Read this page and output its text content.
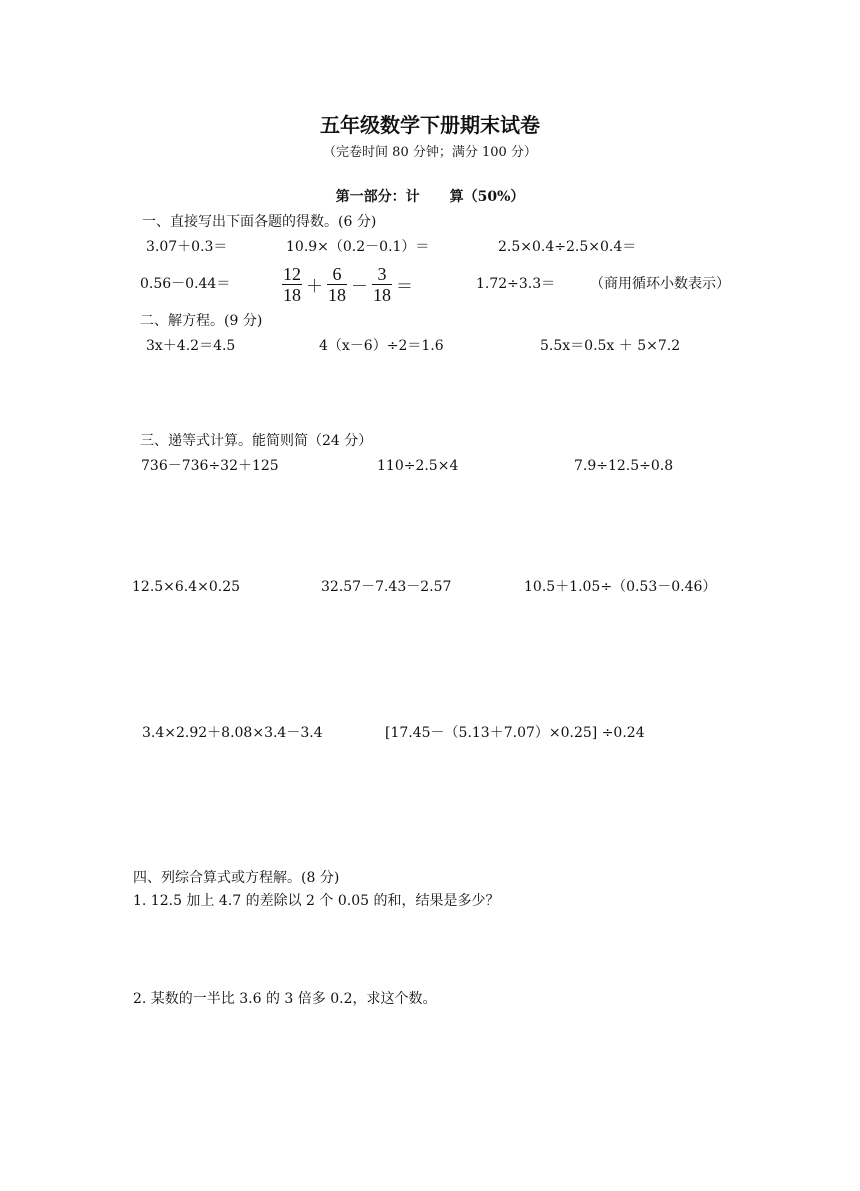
五年级数学下册期末试卷
（完卷时间 80 分钟；满分 100 分）
第一部分：计 算（50%）
一、直接写出下面各题的得数。(6 分)
3.07＋0.3＝	10.9×（0.2－0.1）＝	2.5×0.4÷2.5×0.4＝
0.56－0.44＝	$\frac{12}{18} + \frac{6}{18} - \frac{3}{18}$ ＝	1.72÷3.3＝ （商用循环小数表示）
二、解方程。(9 分)
3x＋4.2＝4.5	4（x－6）÷2＝1.6	5.5x＝0.5x ＋ 5×7.2
三、递等式计算。能简则简（24 分）
736－736÷32＋125	110÷2.5×4	7.9÷12.5÷0.8
12.5×6.4×0.25	32.57－7.43－2.57	10.5＋1.05÷（0.53－0.46）
3.4×2.92＋8.08×3.4－3.4	[17.45－（5.13＋7.07）×0.25] ÷0.24
四、列综合算式或方程解。(8 分)
1. 12.5 加上 4.7 的差除以 2 个 0.05 的和，结果是多少？
2. 某数的一半比 3.6 的 3 倍多 0.2，求这个数。
